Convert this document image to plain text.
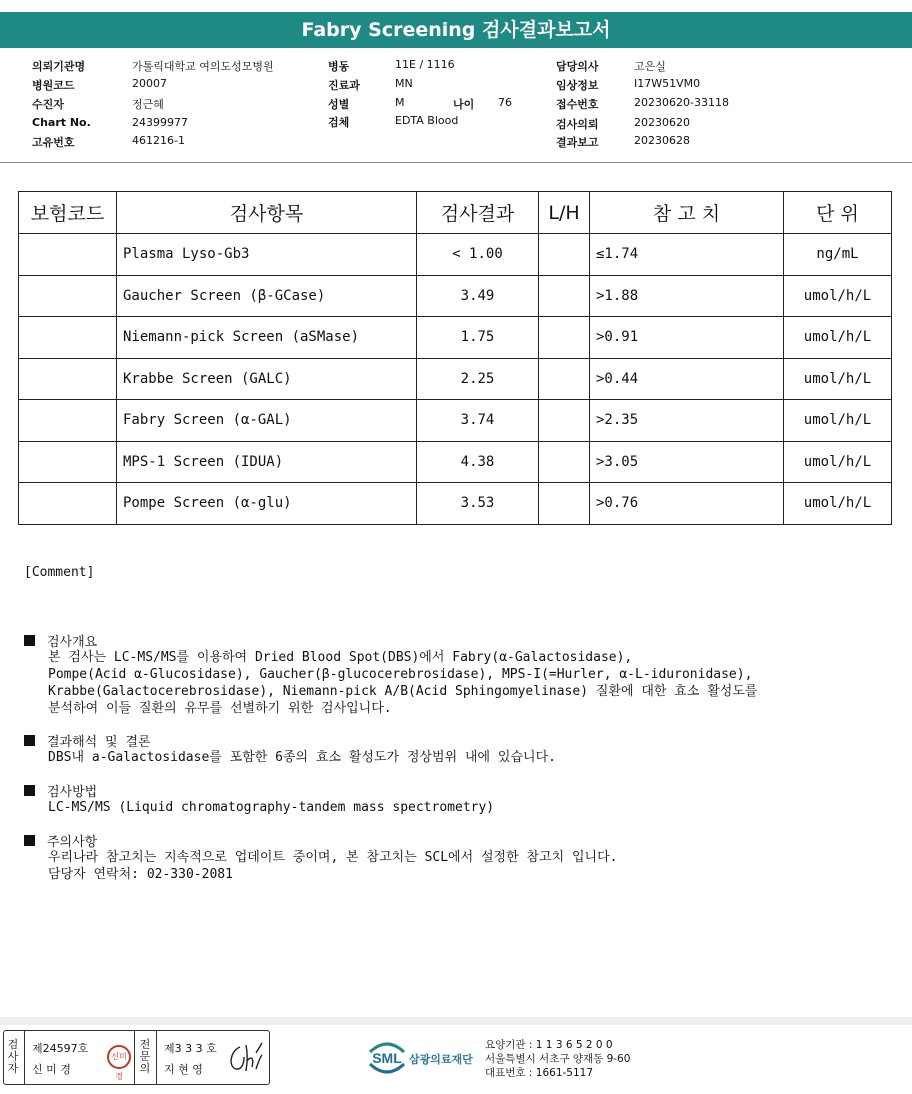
Fabry Screening 검사결과보고서
의뢰기관명	가톨릭대학교 여의도성모병원
병원코드	20007
수진자	정근혜
Chart No.	24399977
고유번호	461216-1
병동	11E / 1116
진료과	MN
성별	M	나이 76
검체	EDTA Blood
담당의사	고은실
임상정보	I17W51VM0
접수번호	20230620-33118
검사의뢰	20230620
결과보고	20230628
보험코드	검사항목	검사결과	L/H	참 고 치	단 위
	Plasma Lyso-Gb3	< 1.00		≤1.74	ng/mL
	Gaucher Screen (β-GCase)	3.49		>1.88	umol/h/L
	Niemann-pick Screen (aSMase)	1.75		>0.91	umol/h/L
	Krabbe Screen (GALC)	2.25		>0.44	umol/h/L
	Fabry Screen (α-GAL)	3.74		>2.35	umol/h/L
	MPS-1 Screen (IDUA)	4.38		>3.05	umol/h/L
	Pompe Screen (α-glu)	3.53		>0.76	umol/h/L
[Comment]
검사개요
본 검사는 LC-MS/MS를 이용하여 Dried Blood Spot(DBS)에서 Fabry(α-Galactosidase),
Pompe(Acid α-Glucosidase), Gaucher(β-glucocerebrosidase), MPS-I(=Hurler, α-L-iduronidase),
Krabbe(Galactocerebrosidase), Niemann-pick A/B(Acid Sphingomyelinase) 질환에 대한 효소 활성도를
분석하여 이들 질환의 유무를 선별하기 위한 검사입니다.
결과해석 및 결론
DBS내 a-Galactosidase를 포함한 6종의 효소 활성도가 정상범위 내에 있습니다.
검사방법
LC-MS/MS (Liquid chromatography-tandem mass spectrometry)
주의사항
우리나라 참고치는 지속적으로 업데이트 중이며, 본 참고치는 SCL에서 설정한 참고치 입니다.
담당자 연락처: 02-330-2081
검
사
자
제24597호
신 미 경
신미경
전
문
의
제3 3 3 호
지 현 영
SML 삼광의료재단
요양기관 : 1 1 3 6 5 2 0 0
서울특별시 서초구 양재동 9-60
대표번호 : 1661-5117
